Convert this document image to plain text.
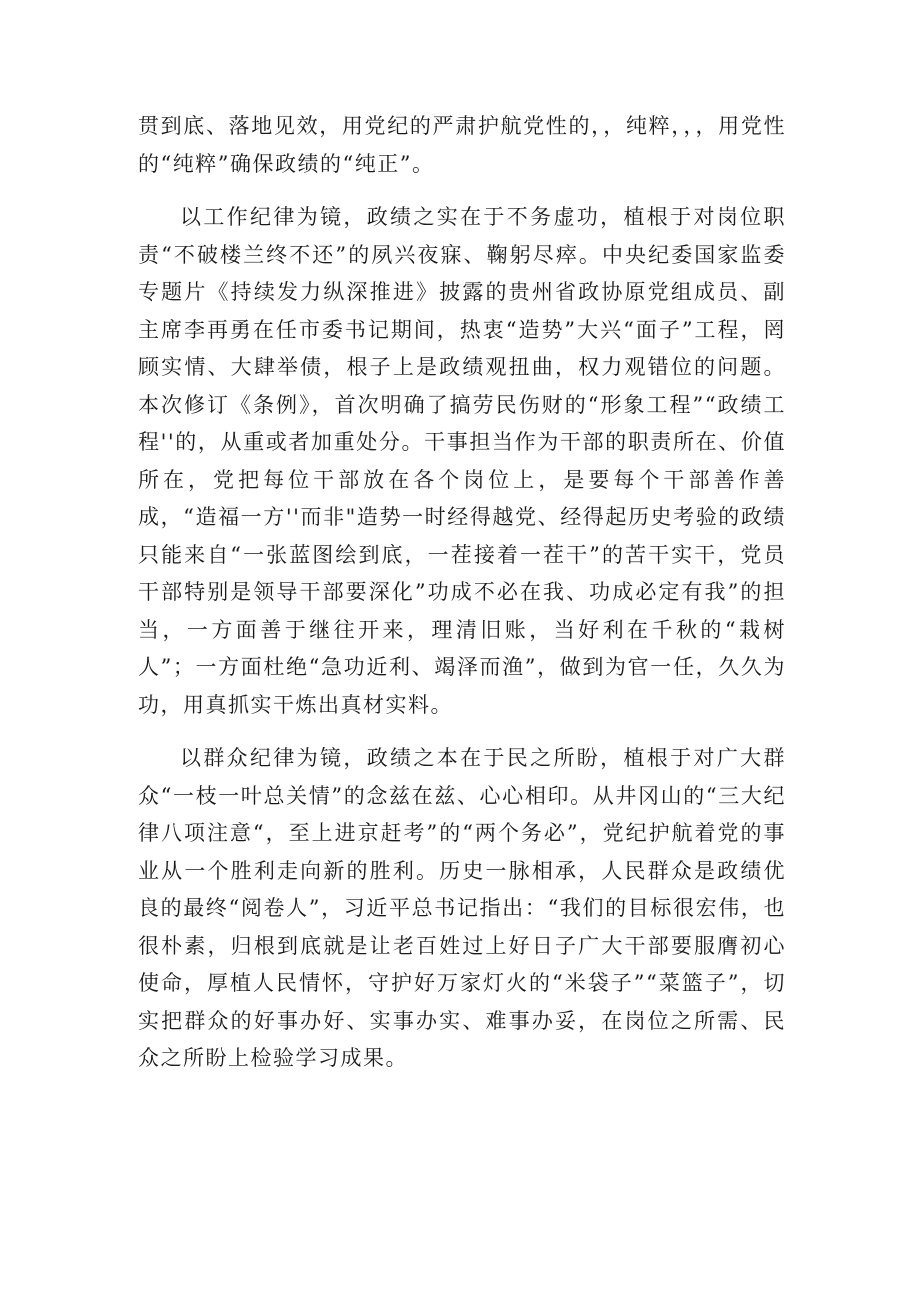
贯到底、落地见效，用党纪的严肃护航党性的，，纯粹，，，用党性的“纯粹”确保政绩的“纯正”。

以工作纪律为镜，政绩之实在于不务虚功，植根于对岗位职责“不破楼兰终不还”的夙兴夜寐、鞠躬尽瘁。中央纪委国家监委专题片《持续发力纵深推进》披露的贵州省政协原党组成员、副主席李再勇在任市委书记期间，热衷“造势”大兴“面子”工程，罔顾实情、大肆举债，根子上是政绩观扭曲，权力观错位的问题。本次修订《条例》，首次明确了搞劳民伤财的“形象工程”“政绩工程''的，从重或者加重处分。干事担当作为干部的职责所在、价值所在，党把每位干部放在各个岗位上，是要每个干部善作善成，“造福一方''而非"造势一时经得越党、经得起历史考验的政绩只能来自“一张蓝图绘到底，一茬接着一茬干”的苦干实干，党员干部特别是领导干部要深化”功成不必在我、功成必定有我”的担当，一方面善于继往开来，理清旧账，当好利在千秋的“栽树人”；一方面杜绝“急功近利、竭泽而渔”，做到为官一任，久久为功，用真抓实干炼出真材实料。

以群众纪律为镜，政绩之本在于民之所盼，植根于对广大群众“一枝一叶总关情”的念兹在兹、心心相印。从井冈山的“三大纪律八项注意“，至上进京赶考”的“两个务必”，党纪护航着党的事业从一个胜利走向新的胜利。历史一脉相承，人民群众是政绩优良的最终“阅卷人”，习近平总书记指出：“我们的目标很宏伟，也很朴素，归根到底就是让老百姓过上好日子广大干部要服膺初心使命，厚植人民情怀，守护好万家灯火的“米袋子”“菜篮子”，切实把群众的好事办好、实事办实、难事办妥，在岗位之所需、民众之所盼上检验学习成果。
